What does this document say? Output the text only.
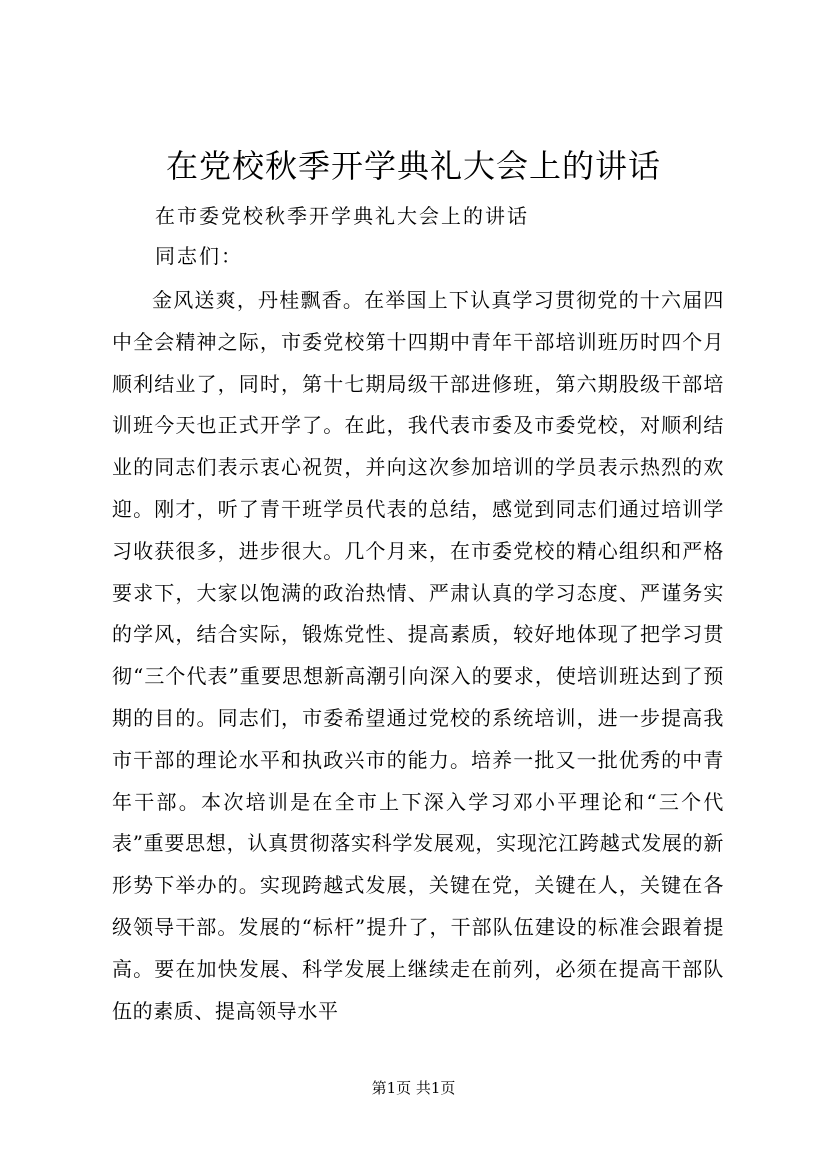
在党校秋季开学典礼大会上的讲话

在市委党校秋季开学典礼大会上的讲话

同志们：

金风送爽，丹桂飘香。在举国上下认真学习贯彻党的十六届四中全会精神之际，市委党校第十四期中青年干部培训班历时四个月顺利结业了，同时，第十七期局级干部进修班，第六期股级干部培训班今天也正式开学了。在此，我代表市委及市委党校，对顺利结业的同志们表示衷心祝贺，并向这次参加培训的学员表示热烈的欢迎。刚才，听了青干班学员代表的总结，感觉到同志们通过培训学习收获很多，进步很大。几个月来，在市委党校的精心组织和严格要求下，大家以饱满的政治热情、严肃认真的学习态度、严谨务实的学风，结合实际，锻炼党性、提高素质，较好地体现了把学习贯彻“三个代表”重要思想新高潮引向深入的要求，使培训班达到了预期的目的。同志们，市委希望通过党校的系统培训，进一步提高我市干部的理论水平和执政兴市的能力。培养一批又一批优秀的中青年干部。本次培训是在全市上下深入学习邓小平理论和“三个代表”重要思想，认真贯彻落实科学发展观，实现沱江跨越式发展的新形势下举办的。实现跨越式发展，关键在党，关键在人，关键在各级领导干部。发展的“标杆”提升了，干部队伍建设的标准会跟着提高。要在加快发展、科学发展上继续走在前列，必须在提高干部队伍的素质、提高领导水平

第1页 共1页
